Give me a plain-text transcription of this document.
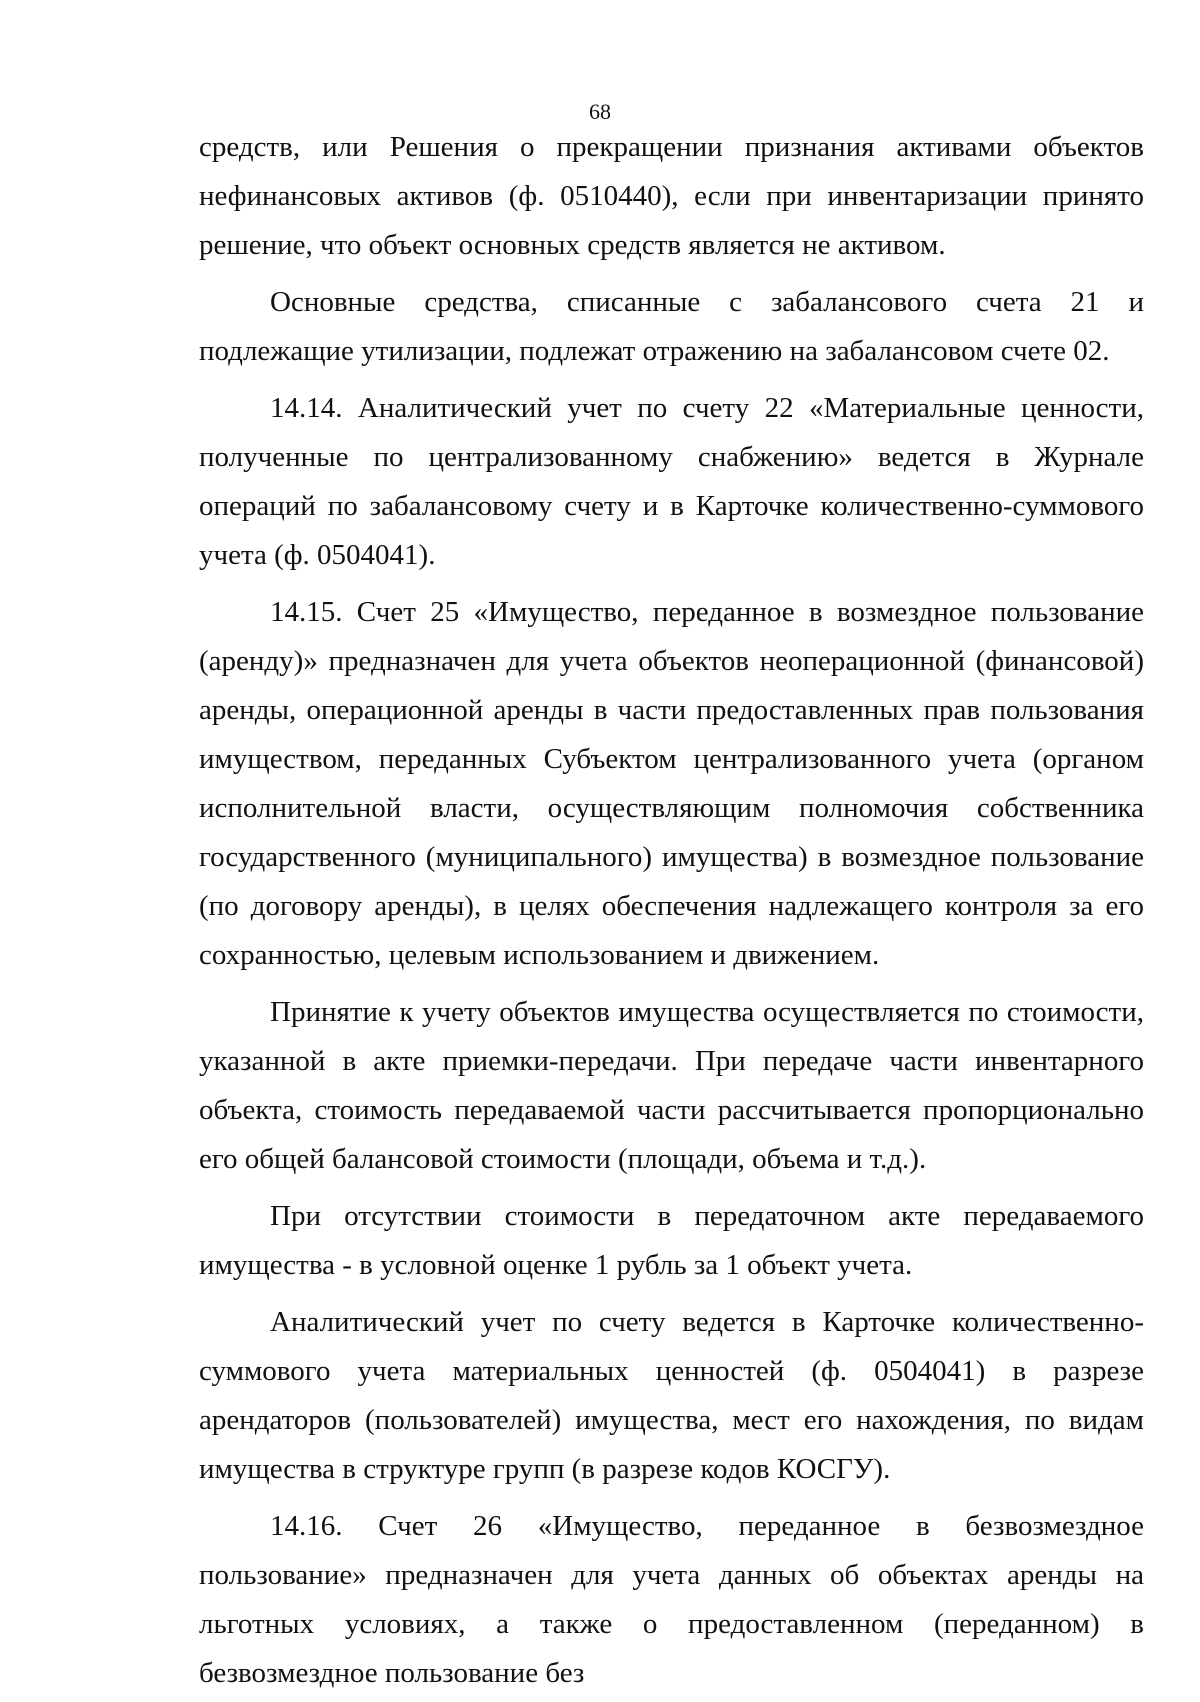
68

средств, или Решения о прекращении признания активами объектов нефинансовых активов (ф. 0510440), если при инвентаризации принято решение, что объект основных средств является не активом.

Основные средства, списанные с забалансового счета 21 и подлежащие утилизации, подлежат отражению на забалансовом счете 02.

14.14. Аналитический учет по счету 22 «Материальные ценности, полученные по централизованному снабжению» ведется в Журнале операций по забалансовому счету и в Карточке количественно-суммового учета (ф. 0504041).

14.15. Счет 25 «Имущество, переданное в возмездное пользование (аренду)» предназначен для учета объектов неоперационной (финансовой) аренды, операционной аренды в части предоставленных прав пользования имуществом, переданных Субъектом централизованного учета (органом исполнительной власти, осуществляющим полномочия собственника государственного (муниципального) имущества) в возмездное пользование (по договору аренды), в целях обеспечения надлежащего контроля за его сохранностью, целевым использованием и движением.

Принятие к учету объектов имущества осуществляется по стоимости, указанной в акте приемки-передачи. При передаче части инвентарного объекта, стоимость передаваемой части рассчитывается пропорционально его общей балансовой стоимости (площади, объема и т.д.).

При отсутствии стоимости в передаточном акте передаваемого имущества - в условной оценке 1 рубль за 1 объект учета.

Аналитический учет по счету ведется в Карточке количественно-суммового учета материальных ценностей (ф. 0504041) в разрезе арендаторов (пользователей) имущества, мест его нахождения, по видам имущества в структуре групп (в разрезе кодов КОСГУ).

14.16. Счет 26 «Имущество, переданное в безвозмездное пользование» предназначен для учета данных об объектах аренды на льготных условиях, а также о предоставленном (переданном) в безвозмездное пользование без
